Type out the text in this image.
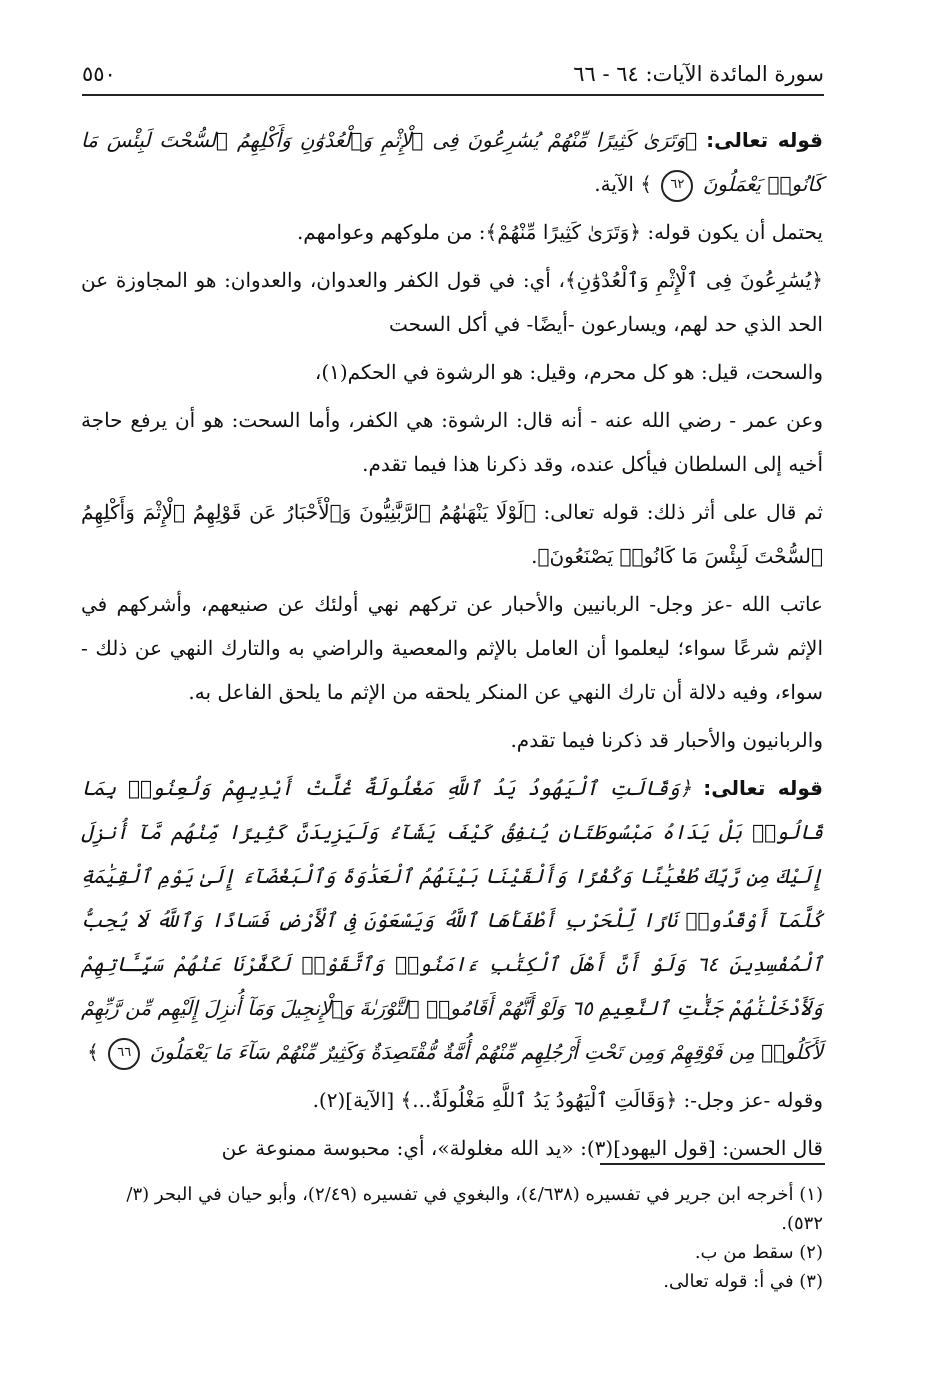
سورة المائدة الآيات: ٦٤ - ٦٦
٥٥٠

قوله تعالى: ﴿وَتَرَىٰ كَثِيرًا مِّنْهُمْ يُسَٰرِعُونَ فِى ٱلْإِثْمِ وَٱلْعُدْوَٰنِ وَأَكْلِهِمُ ٱلسُّحْتَ لَبِئْسَ مَا كَانُوا۟ يَعْمَلُونَ ٦٢ ﴾ الآية.

يحتمل أن يكون قوله: ﴿وَتَرَىٰ كَثِيرًا مِّنْهُمْ﴾: من ملوكهم وعوامهم.

﴿يُسَٰرِعُونَ فِى ٱلْإِثْمِ وَٱلْعُدْوَٰنِ﴾، أي: في قول الكفر والعدوان، والعدوان: هو المجاوزة عن الحد الذي حد لهم، ويسارعون -أيضًا- في أكل السحت

والسحت، قيل: هو كل محرم، وقيل: هو الرشوة في الحكم(١)،

وعن عمر - رضي الله عنه - أنه قال: الرشوة: هي الكفر، وأما السحت: هو أن يرفع حاجة أخيه إلى السلطان فيأكل عنده، وقد ذكرنا هذا فيما تقدم.

ثم قال على أثر ذلك: قوله تعالى: ﴿لَوْلَا يَنْهَىٰهُمُ ٱلرَّبَّٰنِيُّونَ وَٱلْأَحْبَارُ عَن قَوْلِهِمُ ٱلْإِثْمَ وَأَكْلِهِمُ ٱلسُّحْتَ لَبِئْسَ مَا كَانُوا۟ يَصْنَعُونَ﴾.

عاتب الله -عز وجل- الربانيين والأحبار عن تركهم نهي أولئك عن صنيعهم، وأشركهم في الإثم شرعًا سواء؛ ليعلموا أن العامل بالإثم والمعصية والراضي به والتارك النهي عن ذلك - سواء، وفيه دلالة أن تارك النهي عن المنكر يلحقه من الإثم ما يلحق الفاعل به.

والربانيون والأحبار قد ذكرنا فيما تقدم.

قوله تعالى: ﴿وَقَالَتِ ٱلْيَهُودُ يَدُ ٱللَّهِ مَغْلُولَةٌ غُلَّتْ أَيْدِيهِمْ وَلُعِنُوا۟ بِمَا قَالُوا۟ بَلْ يَدَاهُ مَبْسُوطَتَانِ يُنفِقُ كَيْفَ يَشَآءُ وَلَيَزِيدَنَّ كَثِيرًا مِّنْهُم مَّآ أُنزِلَ إِلَيْكَ مِن رَّبِّكَ طُغْيَٰنًا وَكُفْرًا وَأَلْقَيْنَا بَيْنَهُمُ ٱلْعَدَٰوَةَ وَٱلْبَغْضَآءَ إِلَىٰ يَوْمِ ٱلْقِيَٰمَةِ كُلَّمَآ أَوْقَدُوا۟ نَارًا لِّلْحَرْبِ أَطْفَأَهَا ٱللَّهُ وَيَسْعَوْنَ فِى ٱلْأَرْضِ فَسَادًا وَٱللَّهُ لَا يُحِبُّ ٱلْمُفْسِدِينَ ٦٤ وَلَوْ أَنَّ أَهْلَ ٱلْكِتَٰبِ ءَامَنُوا۟ وَٱتَّقَوْا۟ لَكَفَّرْنَا عَنْهُمْ سَيِّـَٔاتِهِمْ وَلَأَدْخَلْنَٰهُمْ جَنَّٰتِ ٱلنَّعِيمِ ٦٥ وَلَوْ أَنَّهُمْ أَقَامُوا۟ ٱلتَّوْرَىٰةَ وَٱلْإِنجِيلَ وَمَآ أُنزِلَ إِلَيْهِم مِّن رَّبِّهِمْ لَأَكَلُوا۟ مِن فَوْقِهِمْ وَمِن تَحْتِ أَرْجُلِهِم مِّنْهُمْ أُمَّةٌ مُّقْتَصِدَةٌ وَكَثِيرٌ مِّنْهُمْ سَآءَ مَا يَعْمَلُونَ ٦٦ ﴾

وقوله -عز وجل-: ﴿وَقَالَتِ ٱلْيَهُودُ يَدُ ٱللَّهِ مَغْلُولَةٌ...﴾ [الآية](٢).

قال الحسن: [قول اليهود](٣): «يد الله مغلولة»، أي: محبوسة ممنوعة عن

(١) أخرجه ابن جرير في تفسيره (٤/٦٣٨)، والبغوي في تفسيره (٢/٤٩)، وأبو حيان في البحر (٣/ ٥٣٢).

(٢) سقط من ب.

(٣) في أ: قوله تعالى.
